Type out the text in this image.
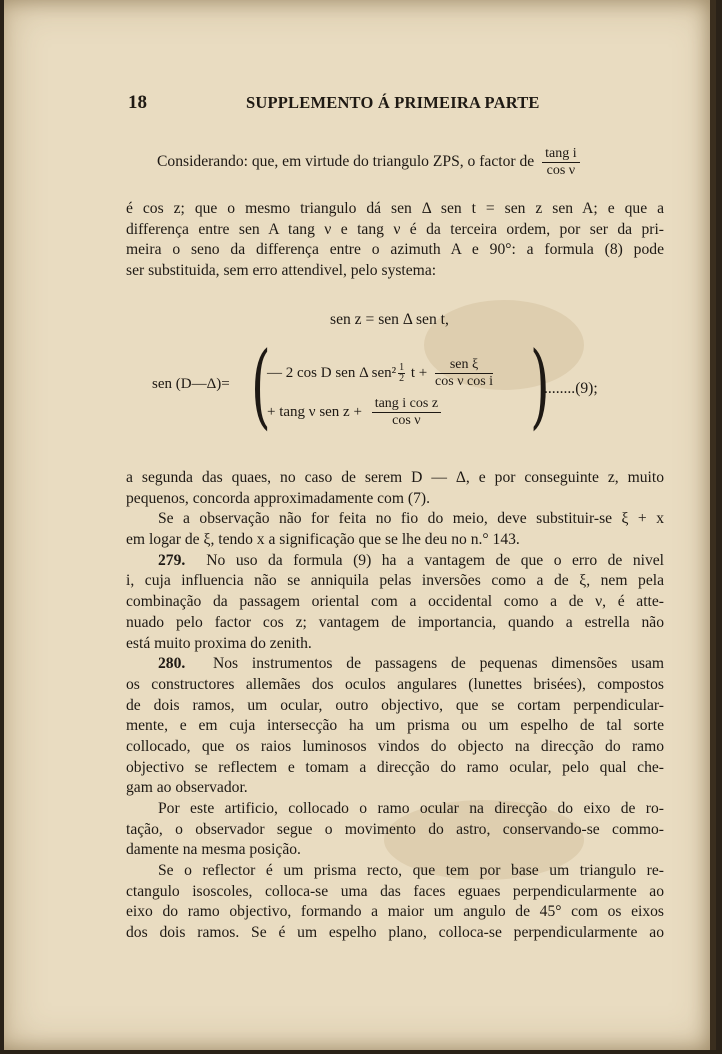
18	SUPPLEMENTO Á PRIMEIRA PARTE
Considerando: que, em virtude do triangulo ZPS, o factor de $\frac{\text{tang i}}{\text{cos ν}}$
é cos z; que o mesmo triangulo dá sen Δ sen t = sen z sen A; e que a
differença entre sen A tang ν e tang ν é da terceira ordem, por ser da pri-
meira o seno da differença entre o azimuth A e 90°: a formula (8) pode
ser substituida, sem erro attendivel, pelo systema:
sen z = sen Δ sen t,
sen (D—Δ)= (
— 2 cos D sen Δ $sen^2 \frac{1}{2}$ $t + \frac{\text{sen ξ}}{\text{cos ν cos i}}$
+ tang ν sen $z + \frac{\text{tang i cos z}}{\text{cos ν}}$ )
........(9);
a segunda das quaes, no caso de serem D — Δ, e por conseguinte z, muito
pequenos, concorda approximadamente com (7).
Se a observação não for feita no fio do meio, deve substituir-se ξ + x
em logar de ξ, tendo x a significação que se lhe deu no n.° 143.
279. No uso da formula (9) ha a vantagem de que o erro de nivel
i, cuja influencia não se anniquila pelas inversões como a de ξ, nem pela
combinação da passagem oriental com a occidental como a de ν, é atte-
nuado pelo factor cos z; vantagem de importancia, quando a estrella não
está muito proxima do zenith.
280. Nos instrumentos de passagens de pequenas dimensões usam
os constructores allemães dos oculos angulares (lunettes brisées), compostos
de dois ramos, um ocular, outro objectivo, que se cortam perpendicular-
mente, e em cuja intersecção ha um prisma ou um espelho de tal sorte
collocado, que os raios luminosos vindos do objecto na direcção do ramo
objectivo se reflectem e tomam a direcção do ramo ocular, pelo qual che-
gam ao observador.
Por este artificio, collocado o ramo ocular na direcção do eixo de ro-
tação, o observador segue o movimento do astro, conservando-se commo-
damente na mesma posição.
Se o reflector é um prisma recto, que tem por base um triangulo re-
ctangulo isoscoles, colloca-se uma das faces eguaes perpendicularmente ao
eixo do ramo objectivo, formando a maior um angulo de 45° com os eixos
dos dois ramos. Se é um espelho plano, colloca-se perpendicularmente ao
